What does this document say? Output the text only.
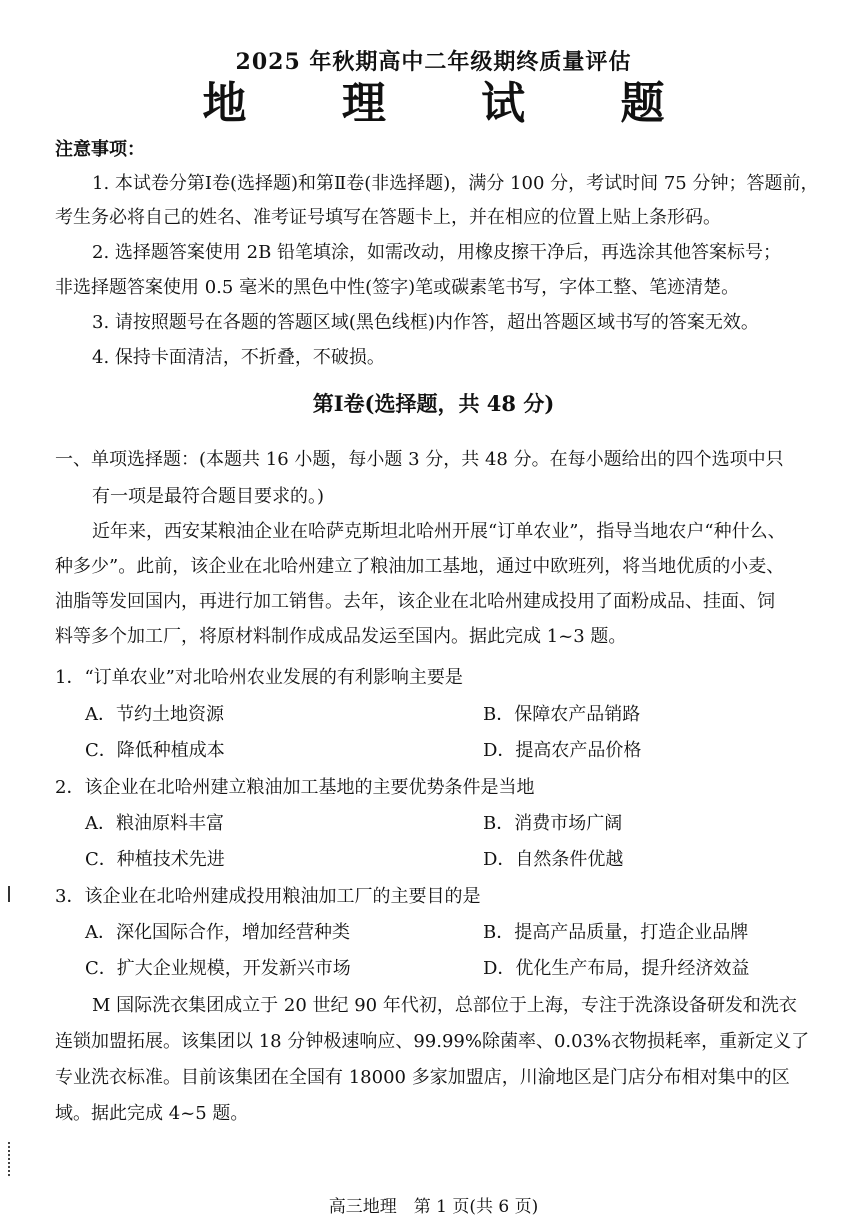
2025 年秋期高中二年级期终质量评估
地 理 试 题
注意事项：
1. 本试卷分第Ⅰ卷(选择题)和第Ⅱ卷(非选择题)，满分 100 分，考试时间 75 分钟；答题前，
考生务必将自己的姓名、准考证号填写在答题卡上，并在相应的位置上贴上条形码。
2. 选择题答案使用 2B 铅笔填涂，如需改动，用橡皮擦干净后，再选涂其他答案标号；
非选择题答案使用 0.5 毫米的黑色中性(签字)笔或碳素笔书写，字体工整、笔迹清楚。
3. 请按照题号在各题的答题区域(黑色线框)内作答，超出答题区域书写的答案无效。
4. 保持卡面清洁，不折叠，不破损。
第Ⅰ卷(选择题，共 48 分)
一、单项选择题：(本题共 16 小题，每小题 3 分，共 48 分。在每小题给出的四个选项中只
有一项是最符合题目要求的。)
近年来，西安某粮油企业在哈萨克斯坦北哈州开展“订单农业”，指导当地农户“种什么、
种多少”。此前，该企业在北哈州建立了粮油加工基地，通过中欧班列，将当地优质的小麦、
油脂等发回国内，再进行加工销售。去年，该企业在北哈州建成投用了面粉成品、挂面、饲
料等多个加工厂，将原材料制作成成品发运至国内。据此完成 1~3 题。
1．“订单农业”对北哈州农业发展的有利影响主要是
A．节约土地资源	B．保障农产品销路
C．降低种植成本	D．提高农产品价格
2．该企业在北哈州建立粮油加工基地的主要优势条件是当地
A．粮油原料丰富	B．消费市场广阔
C．种植技术先进	D．自然条件优越
3．该企业在北哈州建成投用粮油加工厂的主要目的是
A．深化国际合作，增加经营种类	B．提高产品质量，打造企业品牌
C．扩大企业规模，开发新兴市场	D．优化生产布局，提升经济效益
M 国际洗衣集团成立于 20 世纪 90 年代初，总部位于上海，专注于洗涤设备研发和洗衣
连锁加盟拓展。该集团以 18 分钟极速响应、99.99%除菌率、0.03%衣物损耗率，重新定义了
专业洗衣标准。目前该集团在全国有 18000 多家加盟店，川渝地区是门店分布相对集中的区
域。据此完成 4~5 题。
高三地理　第 1 页(共 6 页)
